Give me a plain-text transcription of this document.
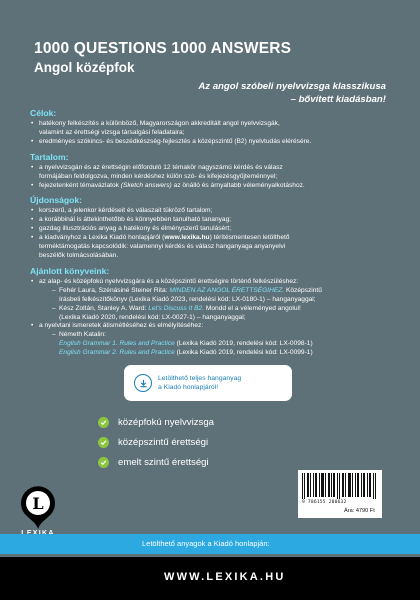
1000 QUESTIONS 1000 ANSWERS
Angol középfok
Az angol szóbeli nyelvvizsga klasszikusa
– bővített kiadásban!
Célok:
• hatékony felkészítés a különböző, Magyarországon akkreditált angol nyelvvizsgák,
valamint az érettségi vizsga társalgási feladataira;
• eredményes szókincs- és beszédkészség-fejlesztés a középszintű (B2) nyelvtudás elérésére.
Tartalom:
• a nyelvvizsgán és az érettségin előforduló 12 témakör nagyszámú kérdés és válasz
formájában feldolgozva, minden kérdéshez külön szó- és kifejezésgyűjteménnyel;
• fejezetenként témavázlatok (Sketch answers) az önálló és árnyaltabb véleményalkotáshoz.
Újdonságok:
• korszerű, a jelenkor kérdéseit és válaszait tükröző tartalom;
• a korábbinál is áttekinthetőbb és könnyebben tanulható tananyag;
• gazdag illusztrációs anyag a hatékony és élményszerű tanulásért;
• a kiadványhoz a Lexika Kiadó honlapjáról (www.lexika.hu) térítésmentesen letölthető
terméktámogatás kapcsolódik: valamennyi kérdés és válasz hanganyaga anyanyelvi
beszélők tolmácsolásában.
Ajánlott könyveink:
• az alap- és középfokú nyelvvizsgára és a középszintű érettségire történő felkészüléshez:
– Fehér Laura, Szénásiné Steiner Rita: MINDEN AZ ANGOL ÉRETTSÉGIHEZ. Középszintű
írásbeli felkészítőkönyv (Lexika Kiadó 2023, rendelési kód: LX-0180-1) – hanganyaggal;
– Kész Zoltán, Stanley A. Ward: Let's Discuss It B2. Mondd el a véleményed angolul!
(Lexika Kiadó 2020, rendelési kód: LX-0027-1) – hanganyaggal;
• a nyelvtani ismeretek átismétléséhez és elmélyítéséhez:
– Németh Katalin:
English Grammar 1. Rules and Practice (Lexika Kiadó 2019, rendelési kód: LX-0098-1)
English Grammar 2. Rules and Practice (Lexika Kiadó 2019, rendelési kód: LX-0099-1)
Letölthető teljes hanganyag
a Kiadó honlapjáról!
középfokú nyelvvizsga
középszintű érettségi
emelt szintű érettségi
9 786155 200632
Ára: 4790 Ft
L
Letölthető anyagok a Kiadó honlapján:
WWW.LEXIKA.HU
